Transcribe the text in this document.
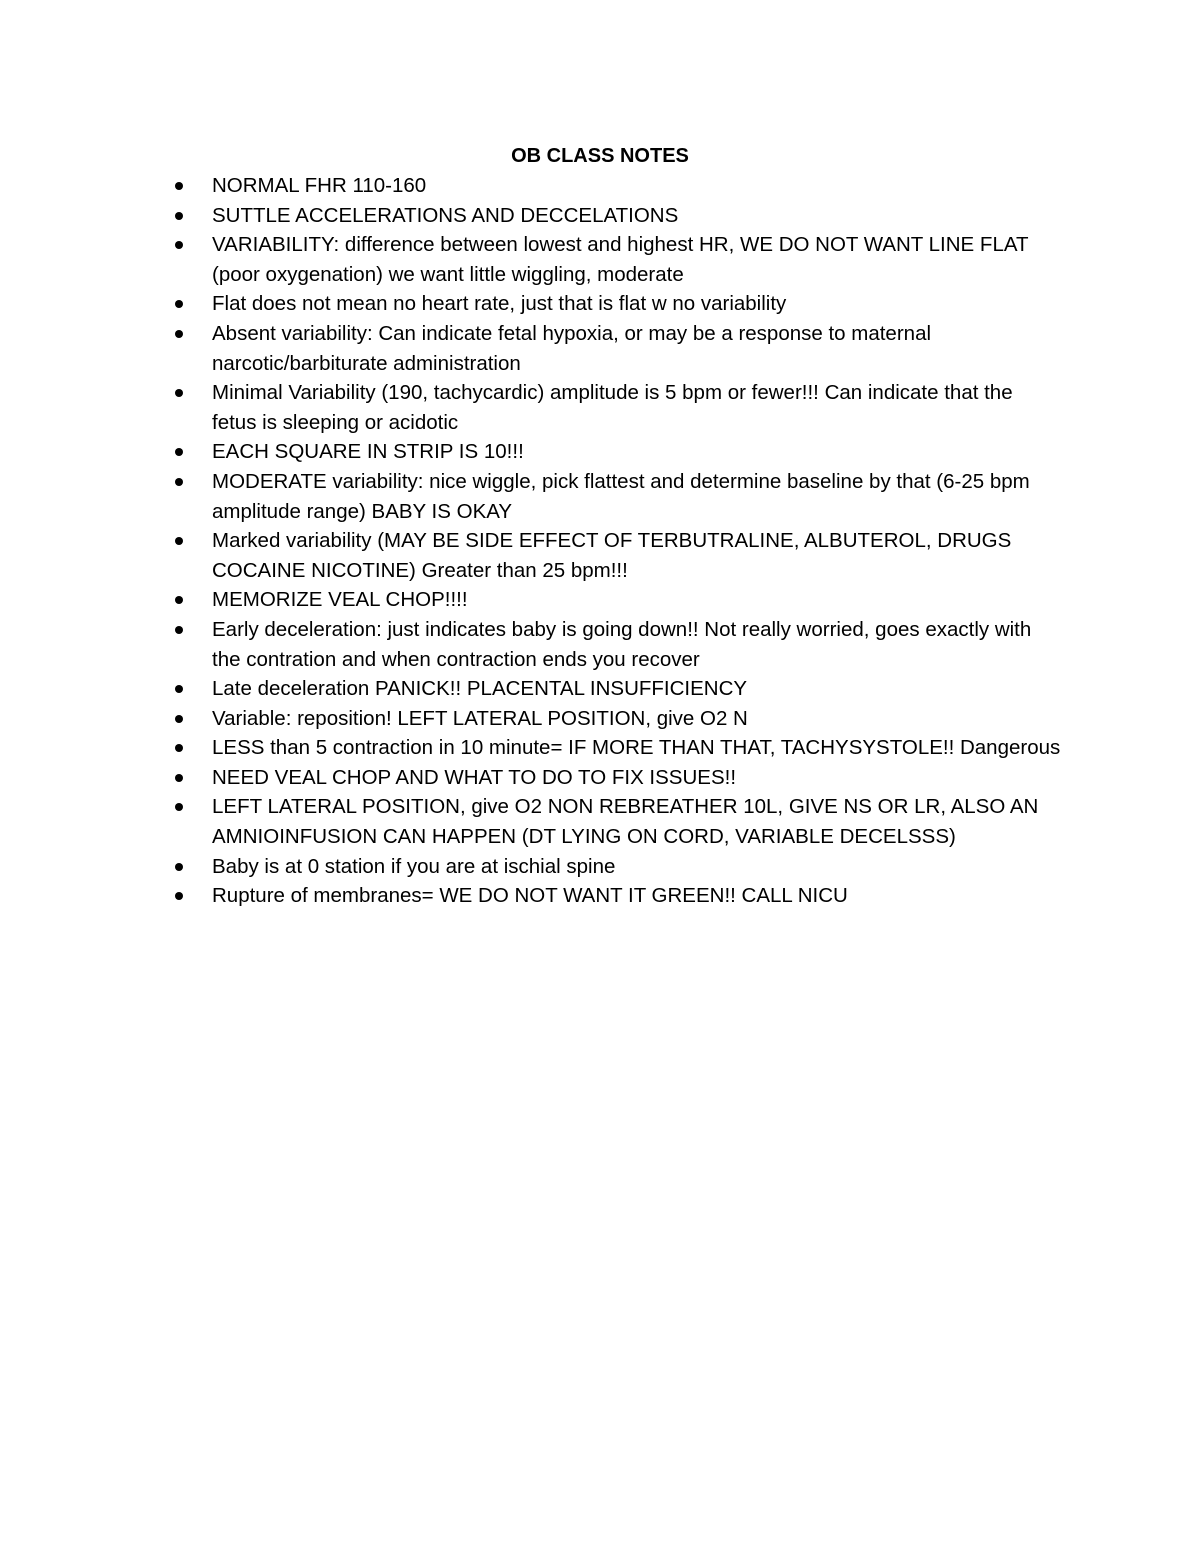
OB CLASS NOTES
NORMAL FHR 110-160
SUTTLE ACCELERATIONS AND DECCELATIONS
VARIABILITY: difference between lowest and highest HR, WE DO NOT WANT LINE FLAT (poor oxygenation) we want little wiggling, moderate
Flat does not mean no heart rate, just that is flat w no variability
Absent variability: Can indicate fetal hypoxia, or may be a response to maternal narcotic/barbiturate administration
Minimal Variability (190, tachycardic) amplitude is 5 bpm or fewer!!! Can indicate that the fetus is sleeping or acidotic
EACH SQUARE IN STRIP IS 10!!!
MODERATE variability: nice wiggle, pick flattest and determine baseline by that (6-25 bpm amplitude range) BABY IS OKAY
Marked variability (MAY BE SIDE EFFECT OF TERBUTRALINE, ALBUTEROL, DRUGS COCAINE NICOTINE) Greater than 25 bpm!!!
MEMORIZE VEAL CHOP!!!!
Early deceleration: just indicates baby is going down!! Not really worried, goes exactly with the contration and when contraction ends you recover
Late deceleration PANICK!! PLACENTAL INSUFFICIENCY
Variable: reposition! LEFT LATERAL POSITION, give O2 N
LESS than 5 contraction in 10 minute= IF MORE THAN THAT, TACHYSYSTOLE!! Dangerous
NEED VEAL CHOP AND WHAT TO DO TO FIX ISSUES!!
LEFT LATERAL POSITION, give O2 NON REBREATHER 10L, GIVE NS OR LR, ALSO AN AMNIOINFUSION CAN HAPPEN (DT LYING ON CORD, VARIABLE DECELSSS)
Baby is at 0 station if you are at ischial spine
Rupture of membranes= WE DO NOT WANT IT GREEN!! CALL NICU
